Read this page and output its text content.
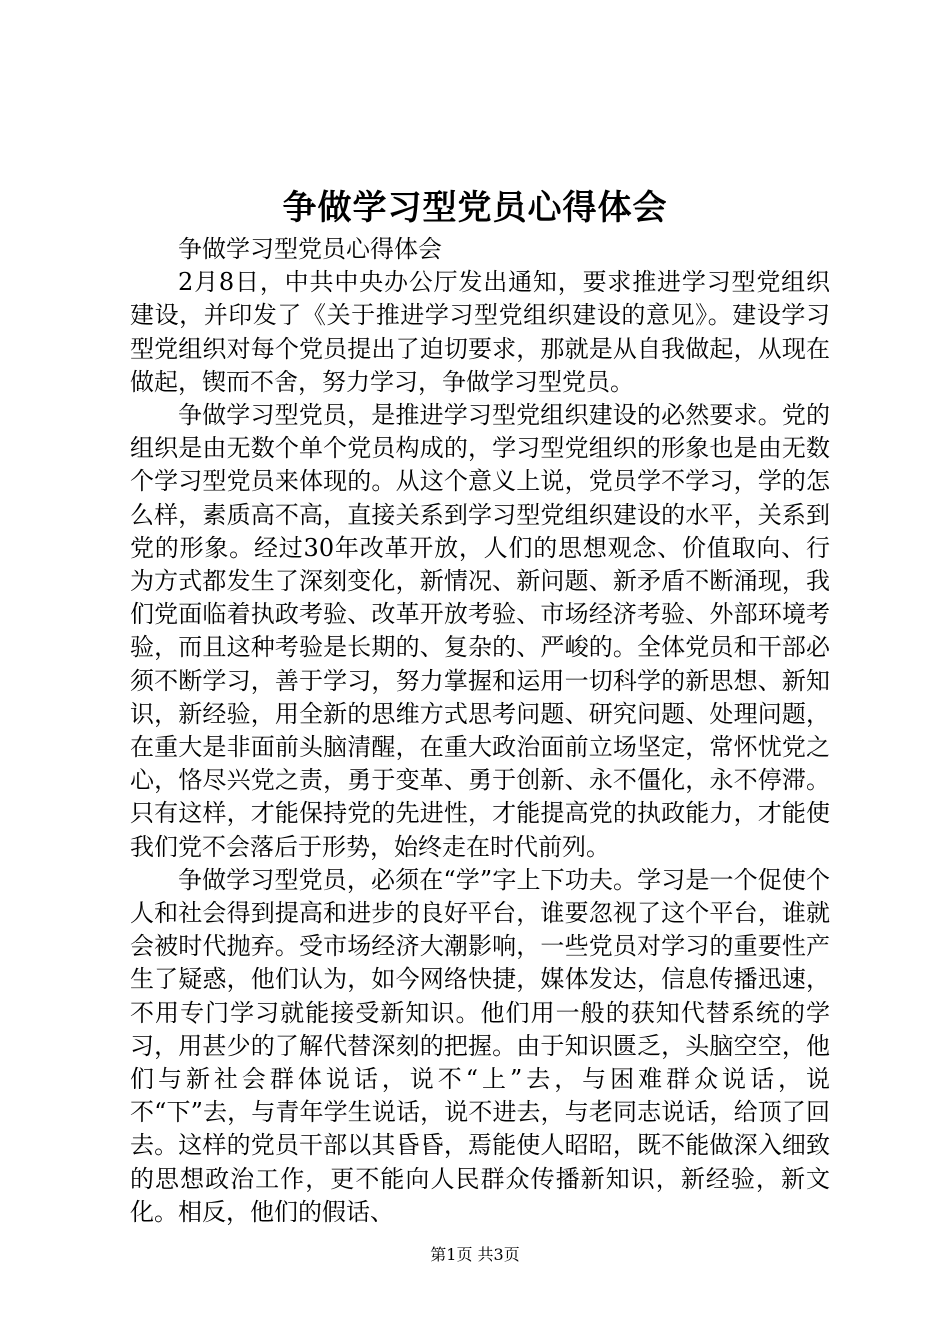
争做学习型党员心得体会

争做学习型党员心得体会

2月8日，中共中央办公厅发出通知，要求推进学习型党组织建设，并印发了《关于推进学习型党组织建设的意见》。建设学习型党组织对每个党员提出了迫切要求，那就是从自我做起，从现在做起，锲而不舍，努力学习，争做学习型党员。

争做学习型党员，是推进学习型党组织建设的必然要求。党的组织是由无数个单个党员构成的，学习型党组织的形象也是由无数个学习型党员来体现的。从这个意义上说，党员学不学习，学的怎么样，素质高不高，直接关系到学习型党组织建设的水平，关系到党的形象。经过30年改革开放，人们的思想观念、价值取向、行为方式都发生了深刻变化，新情况、新问题、新矛盾不断涌现，我们党面临着执政考验、改革开放考验、市场经济考验、外部环境考验，而且这种考验是长期的、复杂的、严峻的。全体党员和干部必须不断学习，善于学习，努力掌握和运用一切科学的新思想、新知识，新经验，用全新的思维方式思考问题、研究问题、处理问题，在重大是非面前头脑清醒，在重大政治面前立场坚定，常怀忧党之心，恪尽兴党之责，勇于变革、勇于创新、永不僵化，永不停滞。只有这样，才能保持党的先进性，才能提高党的执政能力，才能使我们党不会落后于形势，始终走在时代前列。

争做学习型党员，必须在“学”字上下功夫。学习是一个促使个人和社会得到提高和进步的良好平台，谁要忽视了这个平台，谁就会被时代抛弃。受市场经济大潮影响，一些党员对学习的重要性产生了疑惑，他们认为，如今网络快捷，媒体发达，信息传播迅速，不用专门学习就能接受新知识。他们用一般的获知代替系统的学习，用甚少的了解代替深刻的把握。由于知识匮乏，头脑空空，他们与新社会群体说话，说不“上”去，与困难群众说话，说不“下”去，与青年学生说话，说不进去，与老同志说话，给顶了回去。这样的党员干部以其昏昏，焉能使人昭昭，既不能做深入细致的思想政治工作，更不能向人民群众传播新知识，新经验，新文化。相反，他们的假话、

第1页 共3页
